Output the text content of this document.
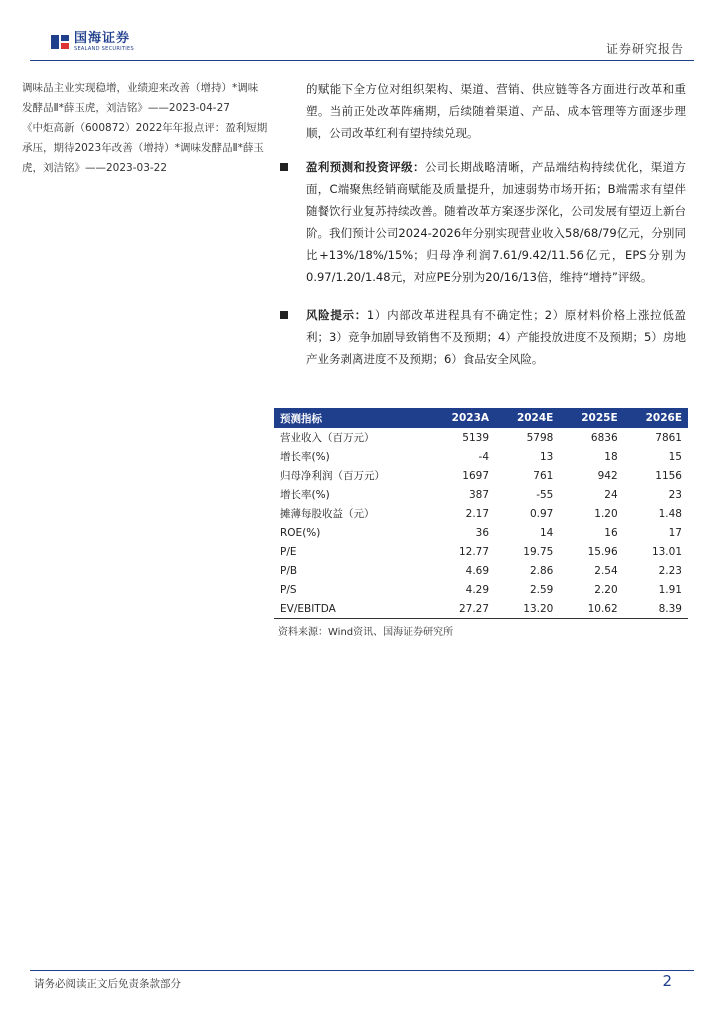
国海证券
SEALAND SECURITIES	证券研究报告

调味品主业实现稳增，业绩迎来改善（增持）*调味发酵品Ⅱ*薛玉虎，刘洁铭》——2023-04-27

《中炬高新（600872）2022年年报点评：盈利短期承压，期待2023年改善（增持）*调味发酵品Ⅱ*薛玉虎，刘洁铭》——2023-03-22

的赋能下全方位对组织架构、渠道、营销、供应链等各方面进行改革和重塑。当前正处改革阵痛期，后续随着渠道、产品、成本管理等方面逐步理顺，公司改革红利有望持续兑现。

盈利预测和投资评级：公司长期战略清晰，产品端结构持续优化，渠道方面，C端聚焦经销商赋能及质量提升，加速弱势市场开拓；B端需求有望伴随餐饮行业复苏持续改善。随着改革方案逐步深化，公司发展有望迈上新台阶。我们预计公司2024-2026年分别实现营业收入58/68/79亿元，分别同比+13%/18%/15%；归母净利润7.61/9.42/11.56亿元，EPS分别为0.97/1.20/1.48元，对应PE分别为20/16/13倍，维持“增持”评级。
风险提示：1）内部改革进程具有不确定性；2）原材料价格上涨拉低盈利；3）竞争加剧导致销售不及预期；4）产能投放进度不及预期；5）房地产业务剥离进度不及预期；6）食品安全风险。
预测指标	2023A	2024E	2025E	2026E
营业收入（百万元）	5139	5798	6836	7861
增长率(%)	-4	13	18	15
归母净利润（百万元）	1697	761	942	1156
增长率(%)	387	-55	24	23
摊薄每股收益（元）	2.17	0.97	1.20	1.48
ROE(%)	36	14	16	17
P/E	12.77	19.75	15.96	13.01
P/B	4.69	2.86	2.54	2.23
P/S	4.29	2.59	2.20	1.91
EV/EBITDA	27.27	13.20	10.62	8.39
资料来源：Wind资讯、国海证券研究所
请务必阅读正文后免责条款部分	2
